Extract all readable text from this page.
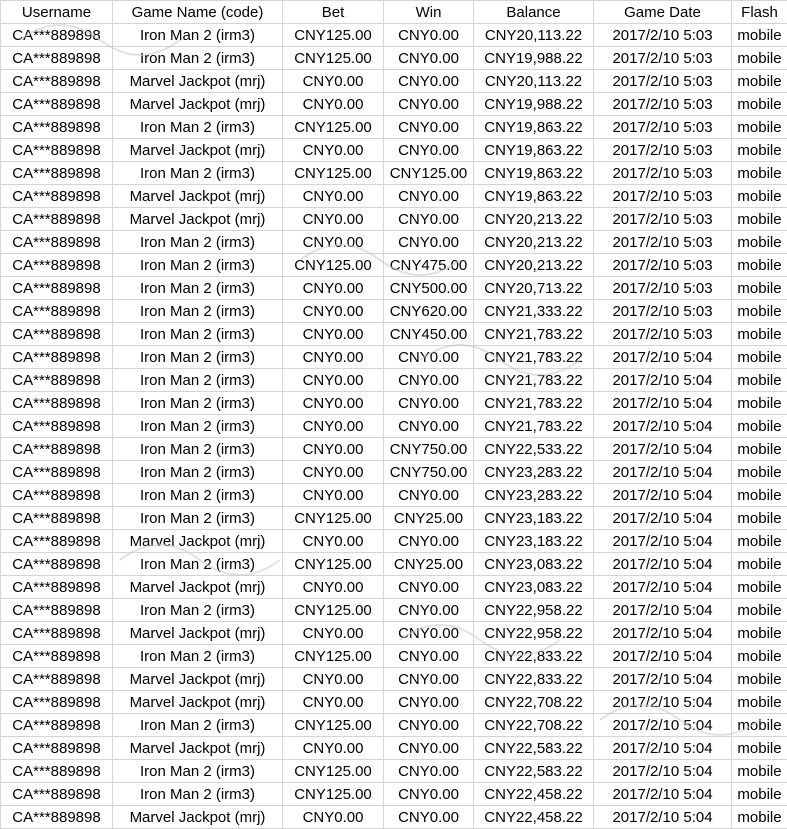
Username	Game Name (code)	Bet	Win	Balance	Game Date	Flash
CA***889898	Iron Man 2 (irm3)	CNY125.00	CNY0.00	CNY20,113.22	2017/2/10 5:03	mobile
CA***889898	Iron Man 2 (irm3)	CNY125.00	CNY0.00	CNY19,988.22	2017/2/10 5:03	mobile
CA***889898	Marvel Jackpot (mrj)	CNY0.00	CNY0.00	CNY20,113.22	2017/2/10 5:03	mobile
CA***889898	Marvel Jackpot (mrj)	CNY0.00	CNY0.00	CNY19,988.22	2017/2/10 5:03	mobile
CA***889898	Iron Man 2 (irm3)	CNY125.00	CNY0.00	CNY19,863.22	2017/2/10 5:03	mobile
CA***889898	Marvel Jackpot (mrj)	CNY0.00	CNY0.00	CNY19,863.22	2017/2/10 5:03	mobile
CA***889898	Iron Man 2 (irm3)	CNY125.00	CNY125.00	CNY19,863.22	2017/2/10 5:03	mobile
CA***889898	Marvel Jackpot (mrj)	CNY0.00	CNY0.00	CNY19,863.22	2017/2/10 5:03	mobile
CA***889898	Marvel Jackpot (mrj)	CNY0.00	CNY0.00	CNY20,213.22	2017/2/10 5:03	mobile
CA***889898	Iron Man 2 (irm3)	CNY0.00	CNY0.00	CNY20,213.22	2017/2/10 5:03	mobile
CA***889898	Iron Man 2 (irm3)	CNY125.00	CNY475.00	CNY20,213.22	2017/2/10 5:03	mobile
CA***889898	Iron Man 2 (irm3)	CNY0.00	CNY500.00	CNY20,713.22	2017/2/10 5:03	mobile
CA***889898	Iron Man 2 (irm3)	CNY0.00	CNY620.00	CNY21,333.22	2017/2/10 5:03	mobile
CA***889898	Iron Man 2 (irm3)	CNY0.00	CNY450.00	CNY21,783.22	2017/2/10 5:03	mobile
CA***889898	Iron Man 2 (irm3)	CNY0.00	CNY0.00	CNY21,783.22	2017/2/10 5:04	mobile
CA***889898	Iron Man 2 (irm3)	CNY0.00	CNY0.00	CNY21,783.22	2017/2/10 5:04	mobile
CA***889898	Iron Man 2 (irm3)	CNY0.00	CNY0.00	CNY21,783.22	2017/2/10 5:04	mobile
CA***889898	Iron Man 2 (irm3)	CNY0.00	CNY0.00	CNY21,783.22	2017/2/10 5:04	mobile
CA***889898	Iron Man 2 (irm3)	CNY0.00	CNY750.00	CNY22,533.22	2017/2/10 5:04	mobile
CA***889898	Iron Man 2 (irm3)	CNY0.00	CNY750.00	CNY23,283.22	2017/2/10 5:04	mobile
CA***889898	Iron Man 2 (irm3)	CNY0.00	CNY0.00	CNY23,283.22	2017/2/10 5:04	mobile
CA***889898	Iron Man 2 (irm3)	CNY125.00	CNY25.00	CNY23,183.22	2017/2/10 5:04	mobile
CA***889898	Marvel Jackpot (mrj)	CNY0.00	CNY0.00	CNY23,183.22	2017/2/10 5:04	mobile
CA***889898	Iron Man 2 (irm3)	CNY125.00	CNY25.00	CNY23,083.22	2017/2/10 5:04	mobile
CA***889898	Marvel Jackpot (mrj)	CNY0.00	CNY0.00	CNY23,083.22	2017/2/10 5:04	mobile
CA***889898	Iron Man 2 (irm3)	CNY125.00	CNY0.00	CNY22,958.22	2017/2/10 5:04	mobile
CA***889898	Marvel Jackpot (mrj)	CNY0.00	CNY0.00	CNY22,958.22	2017/2/10 5:04	mobile
CA***889898	Iron Man 2 (irm3)	CNY125.00	CNY0.00	CNY22,833.22	2017/2/10 5:04	mobile
CA***889898	Marvel Jackpot (mrj)	CNY0.00	CNY0.00	CNY22,833.22	2017/2/10 5:04	mobile
CA***889898	Marvel Jackpot (mrj)	CNY0.00	CNY0.00	CNY22,708.22	2017/2/10 5:04	mobile
CA***889898	Iron Man 2 (irm3)	CNY125.00	CNY0.00	CNY22,708.22	2017/2/10 5:04	mobile
CA***889898	Marvel Jackpot (mrj)	CNY0.00	CNY0.00	CNY22,583.22	2017/2/10 5:04	mobile
CA***889898	Iron Man 2 (irm3)	CNY125.00	CNY0.00	CNY22,583.22	2017/2/10 5:04	mobile
CA***889898	Iron Man 2 (irm3)	CNY125.00	CNY0.00	CNY22,458.22	2017/2/10 5:04	mobile
CA***889898	Marvel Jackpot (mrj)	CNY0.00	CNY0.00	CNY22,458.22	2017/2/10 5:04	mobile
